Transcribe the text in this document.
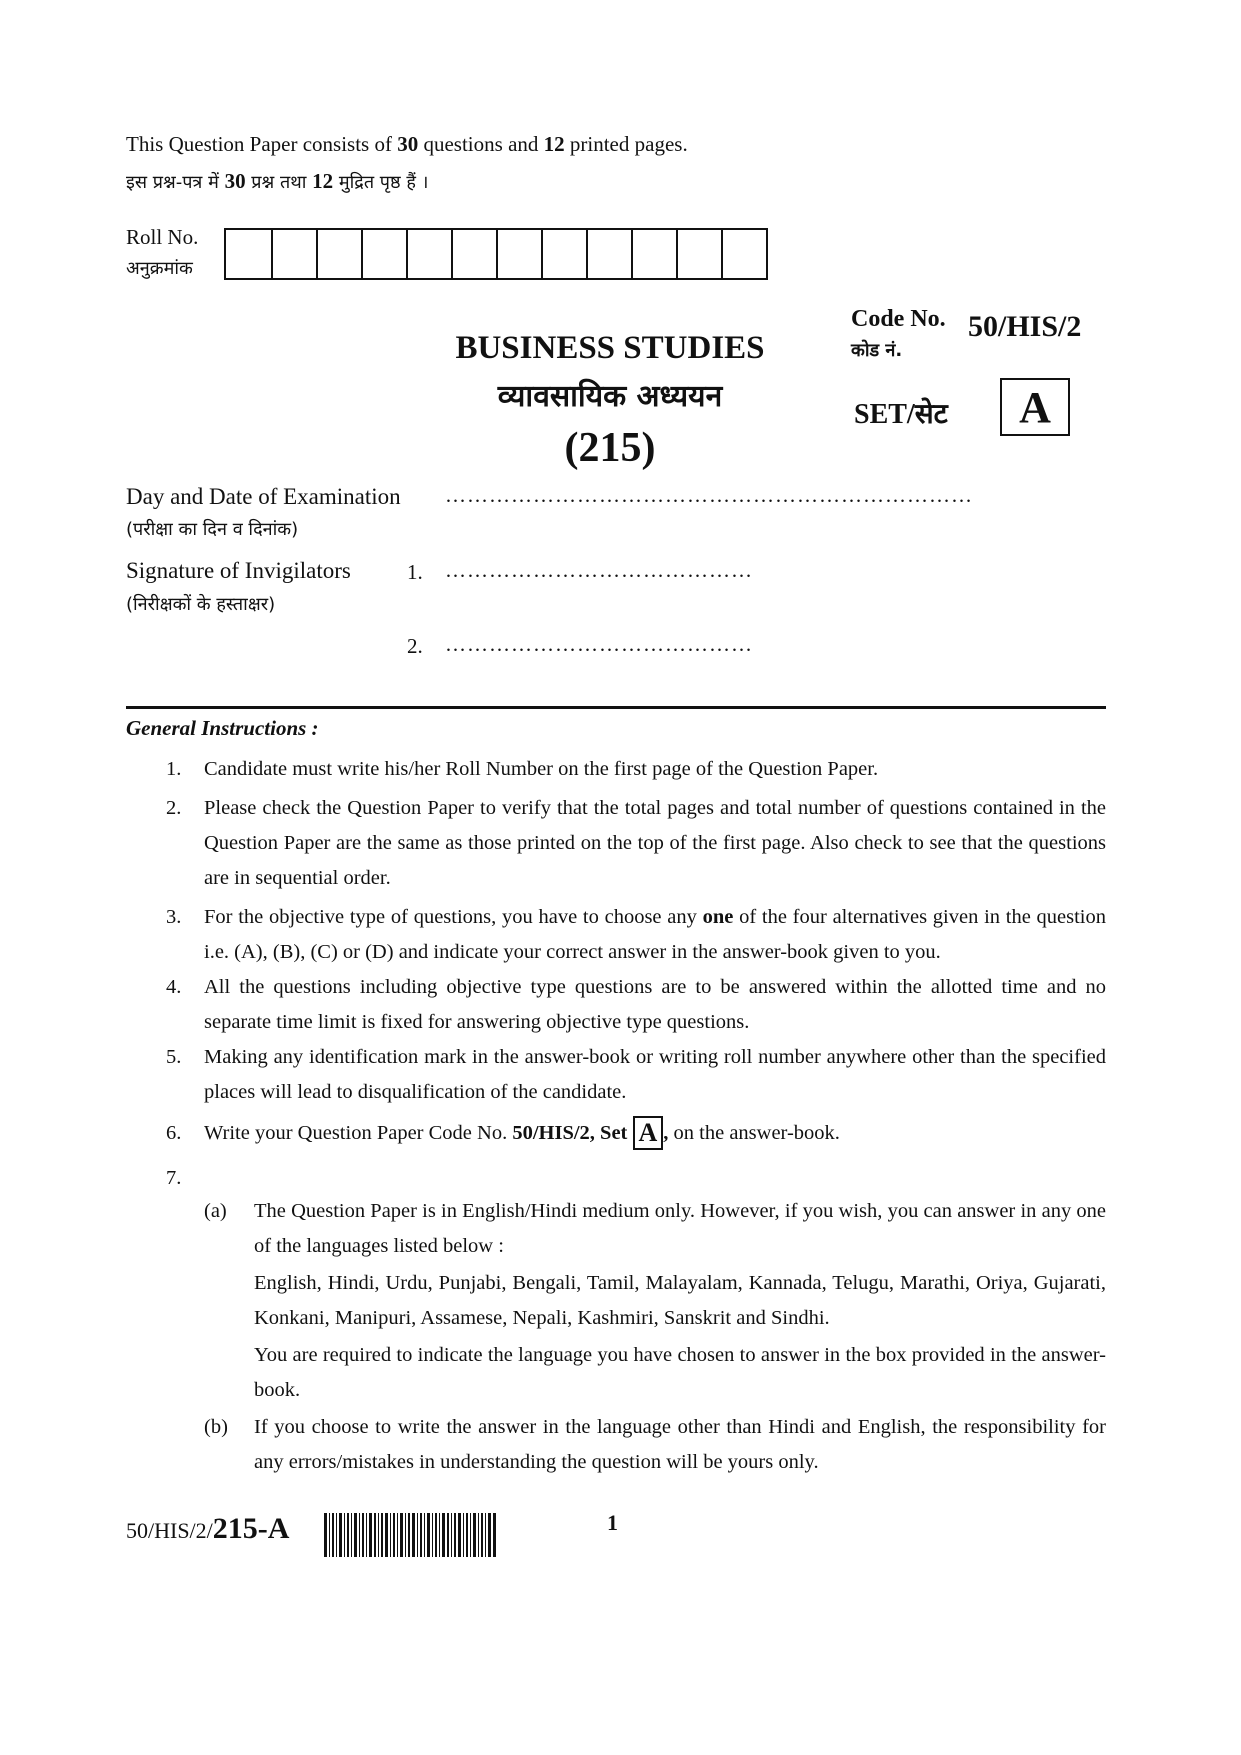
This Question Paper consists of 30 questions and 12 printed pages.
इस प्रश्न-पत्र में 30 प्रश्न तथा 12 मुद्रित पृष्ठ हैं ।
Roll No.
अनुक्रमांक
Code No.
कोड नं.
50/HIS/2
SET/सेट	A
BUSINESS STUDIES
व्यावसायिक अध्ययन
(215)
Day and Date of Examination
(परीक्षा का दिन व दिनांक)
………………………………………………………………
Signature of Invigilators
(निरीक्षकों के हस्ताक्षर)
1. ……………………………………
2. ……………………………………
General Instructions :
1. Candidate must write his/her Roll Number on the first page of the Question Paper.
2. Please check the Question Paper to verify that the total pages and total number of questions contained in the Question Paper are the same as those printed on the top of the first page. Also check to see that the questions are in sequential order.
3. For the objective type of questions, you have to choose any one of the four alternatives given in the question i.e. (A), (B), (C) or (D) and indicate your correct answer in the answer-book given to you.
4. All the questions including objective type questions are to be answered within the allotted time and no separate time limit is fixed for answering objective type questions.
5. Making any identification mark in the answer-book or writing roll number anywhere other than the specified places will lead to disqualification of the candidate.
6. Write your Question Paper Code No. 50/HIS/2, Set A , on the answer-book.
7.
(a) The Question Paper is in English/Hindi medium only. However, if you wish, you can answer in any one of the languages listed below :
English, Hindi, Urdu, Punjabi, Bengali, Tamil, Malayalam, Kannada, Telugu, Marathi, Oriya, Gujarati, Konkani, Manipuri, Assamese, Nepali, Kashmiri, Sanskrit and Sindhi.
You are required to indicate the language you have chosen to answer in the box provided in the answer-book.
(b) If you choose to write the answer in the language other than Hindi and English, the responsibility for any errors/mistakes in understanding the question will be yours only.
50/HIS/2/215-A	1
